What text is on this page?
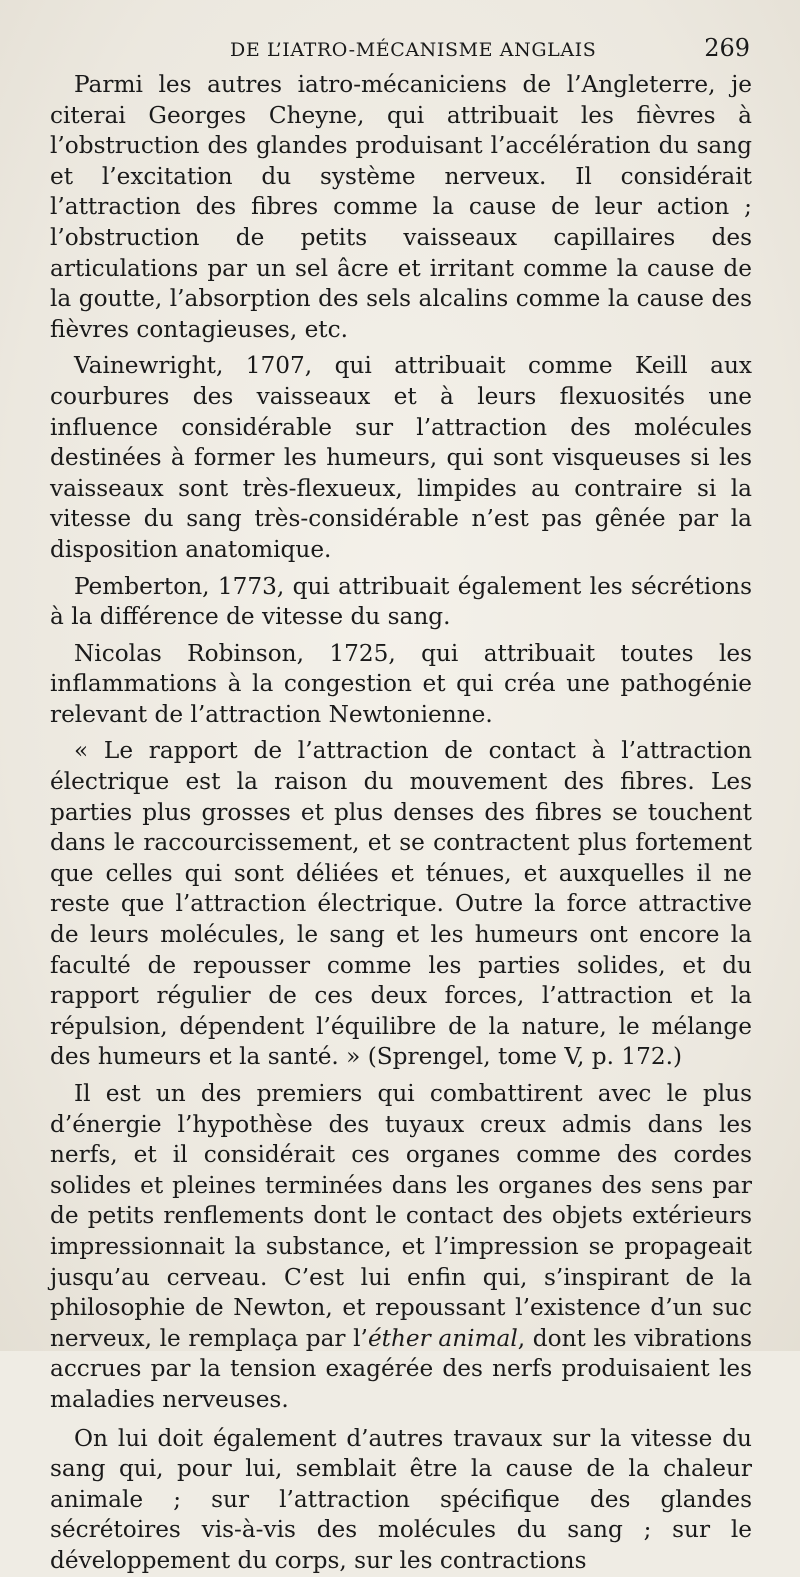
DE L’IATRO-MÉCANISME ANGLAIS	269

Parmi les autres iatro-mécaniciens de l’Angleterre, je citerai Georges Cheyne, qui attribuait les fièvres à l’obstruction des glandes produisant l’accélération du sang et l’excitation du système nerveux. Il considérait l’attraction des fibres comme la cause de leur action ; l’obstruction de petits vaisseaux capillaires des articulations par un sel âcre et irritant comme la cause de la goutte, l’absorption des sels alcalins comme la cause des fièvres contagieuses, etc.

Vainewright, 1707, qui attribuait comme Keill aux courbures des vaisseaux et à leurs flexuosités une influence considérable sur l’attraction des molécules destinées à former les humeurs, qui sont visqueuses si les vaisseaux sont très-flexueux, limpides au contraire si la vitesse du sang très-considérable n’est pas gênée par la disposition anatomique.

Pemberton, 1773, qui attribuait également les sécrétions à la différence de vitesse du sang.

Nicolas Robinson, 1725, qui attribuait toutes les inflammations à la congestion et qui créa une pathogénie relevant de l’attraction Newtonienne.

« Le rapport de l’attraction de contact à l’attraction électrique est la raison du mouvement des fibres. Les parties plus grosses et plus denses des fibres se touchent dans le raccourcissement, et se contractent plus fortement que celles qui sont déliées et ténues, et auxquelles il ne reste que l’attraction électrique. Outre la force attractive de leurs molécules, le sang et les humeurs ont encore la faculté de repousser comme les parties solides, et du rapport régulier de ces deux forces, l’attraction et la répulsion, dépendent l’équilibre de la nature, le mélange des humeurs et la santé. » (Sprengel, tome V, p. 172.)

Il est un des premiers qui combattirent avec le plus d’énergie l’hypothèse des tuyaux creux admis dans les nerfs, et il considérait ces organes comme des cordes solides et pleines terminées dans les organes des sens par de petits renflements dont le contact des objets extérieurs impressionnait la substance, et l’impression se propageait jusqu’au cerveau. C’est lui enfin qui, s’inspirant de la philosophie de Newton, et repoussant l’existence d’un suc nerveux, le remplaça par l’éther animal, dont les vibrations accrues par la tension exagérée des nerfs produisaient les maladies nerveuses.

On lui doit également d’autres travaux sur la vitesse du sang qui, pour lui, semblait être la cause de la chaleur animale ; sur l’attraction spécifique des glandes sécrétoires vis-à-vis des molécules du sang ; sur le développement du corps, sur les contractions
